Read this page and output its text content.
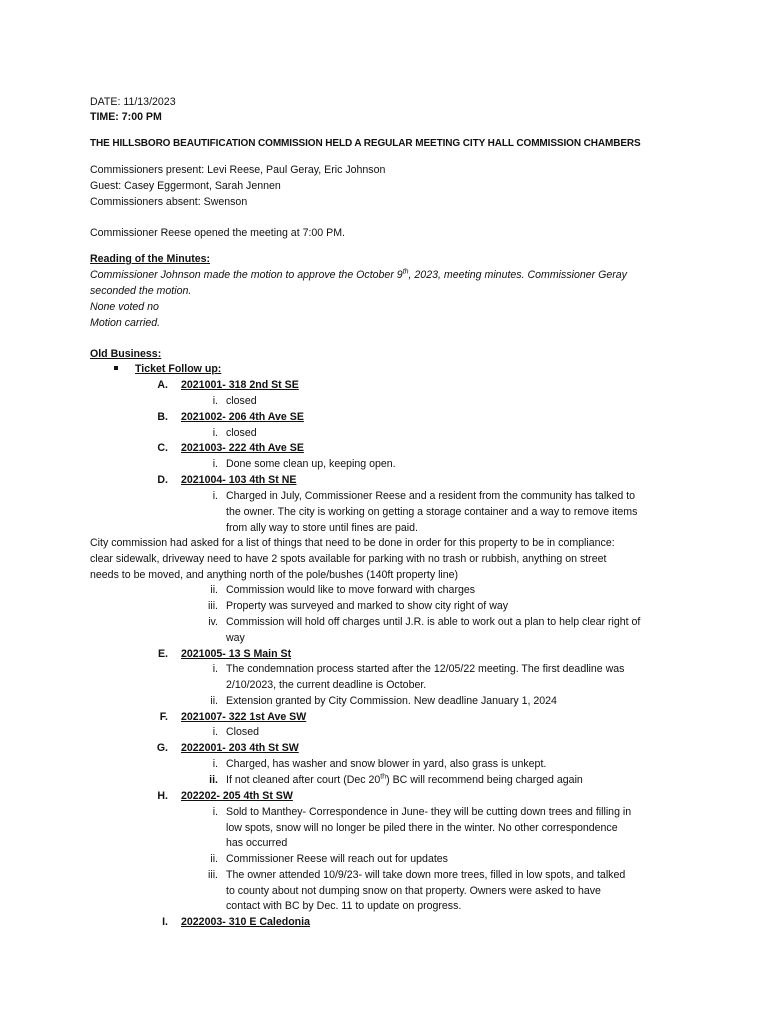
DATE: 11/13/2023
TIME: 7:00 PM
THE HILLSBORO BEAUTIFICATION COMMISSION HELD A REGULAR MEETING CITY HALL COMMISSION CHAMBERS
Commissioners present: Levi Reese, Paul Geray, Eric Johnson
Guest: Casey Eggermont, Sarah Jennen
Commissioners absent: Swenson
Commissioner Reese opened the meeting at 7:00 PM.
Reading of the Minutes:
Commissioner Johnson made the motion to approve the October 9th, 2023, meeting minutes. Commissioner Geray
seconded the motion.
None voted no
Motion carried.
Old Business:
Ticket Follow up:
A. 2021001- 318 2nd St SE
i. closed
B. 2021002- 206 4th Ave SE
i. closed
C. 2021003- 222 4th Ave SE
i. Done some clean up, keeping open.
D. 2021004- 103 4th St NE
i. Charged in July, Commissioner Reese and a resident from the community has talked to
the owner. The city is working on getting a storage container and a way to remove items
from ally way to store until fines are paid.
City commission had asked for a list of things that need to be done in order for this property to be in compliance:
clear sidewalk, driveway need to have 2 spots available for parking with no trash or rubbish, anything on street
needs to be moved, and anything north of the pole/bushes (140ft property line)
ii. Commission would like to move forward with charges
iii. Property was surveyed and marked to show city right of way
iv. Commission will hold off charges until J.R. is able to work out a plan to help clear right of
way
E. 2021005- 13 S Main St
i. The condemnation process started after the 12/05/22 meeting. The first deadline was
2/10/2023, the current deadline is October.
ii. Extension granted by City Commission. New deadline January 1, 2024
F. 2021007- 322 1st Ave SW
i. Closed
G. 2022001- 203 4th St SW
i. Charged, has washer and snow blower in yard, also grass is unkept.
ii. If not cleaned after court (Dec 20th) BC will recommend being charged again
H. 202202- 205 4th St SW
i. Sold to Manthey- Correspondence in June- they will be cutting down trees and filling in
low spots, snow will no longer be piled there in the winter. No other correspondence
has occurred
ii. Commissioner Reese will reach out for updates
iii. The owner attended 10/9/23- will take down more trees, filled in low spots, and talked
to county about not dumping snow on that property. Owners were asked to have
contact with BC by Dec. 11 to update on progress.
I. 2022003- 310 E Caledonia
